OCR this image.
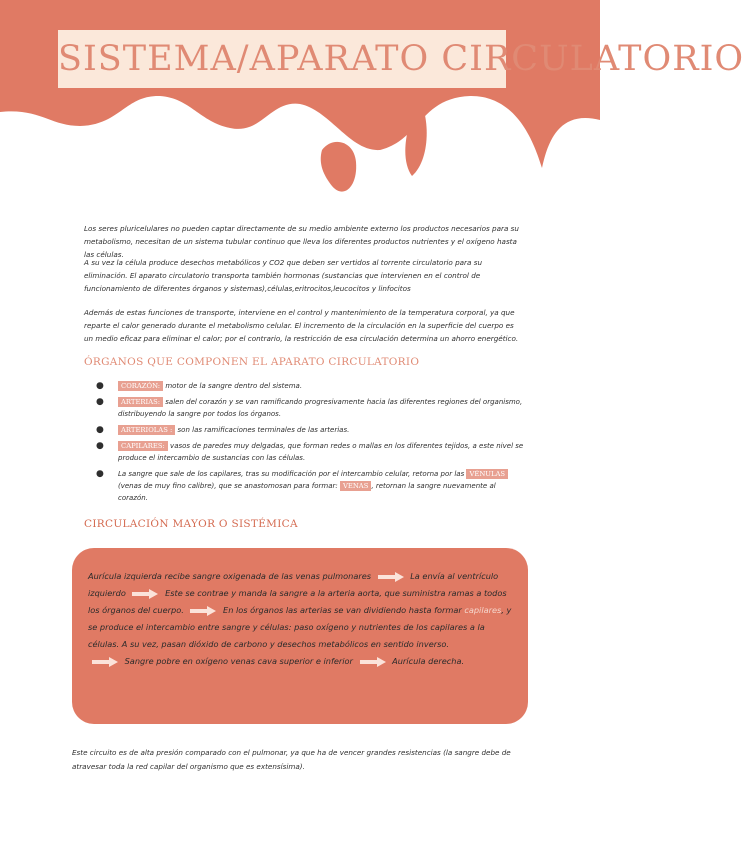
SISTEMA/APARATO CIRCULATORIO

Los seres pluricelulares no pueden captar directamente de su medio ambiente externo los productos necesarios para su metabolismo, necesitan de un sistema tubular continuo que lleva los diferentes productos nutrientes y el oxígeno hasta las células.

A su vez la célula produce desechos metabólicos y CO2 que deben ser vertidos al torrente circulatorio para su eliminación. El aparato circulatorio transporta también hormonas (sustancias que intervienen en el control de funcionamiento de diferentes órganos y sistemas),células,eritrocitos,leucocitos y linfocitos

Además de estas funciones de transporte, interviene en el control y mantenimiento de la temperatura corporal, ya que reparte el calor generado durante el metabolismo celular. El incremento de la circulación en la superficie del cuerpo es un medio eficaz para eliminar el calor; por el contrario, la restricción de esa circulación determina un ahorro energético.

ÓRGANOS QUE COMPONEN EL APARATO CIRCULATORIO
●	CORAZÓN: motor de la sangre dentro del sistema.
●	ARTERIAS: salen del corazón y se van ramificando progresivamente hacia las diferentes regiones del organismo, distribuyendo la sangre por todos los órganos.
●	ARTERIOLAS : son las ramificaciones terminales de las arterias.
●	CAPILARES: vasos de paredes muy delgadas, que forman redes o mallas en los diferentes tejidos, a este nivel se produce el intercambio de sustancias con las células.
● La sangre que sale de los capilares, tras su modificación por el intercambio celular, retorna por las VÉNULAS (venas de muy fino calibre), que se anastomosan para formar: VENAS , retornan la sangre nuevamente al corazón.
CIRCULACIÓN MAYOR O SISTÉMICA
Aurícula izquierda recibe sangre oxigenada de las venas pulmonares	La envía al ventrículo izquierdo	Este se contrae y manda la sangre a la arteria aorta, que suministra ramas a todos los órganos del cuerpo.	En los órganos las arterias se van dividiendo hasta formar capilares, y se produce el intercambio entre sangre y células: paso oxígeno y nutrientes de los capilares a la células. A su vez, pasan dióxido de carbono y desechos metabólicos en sentido inverso.
Sangre pobre en oxígeno venas cava superior e inferior	Aurícula derecha.

Este circuito es de alta presión comparado con el pulmonar, ya que ha de vencer grandes resistencias (la sangre debe de atravesar toda la red capilar del organismo que es extensísima).
